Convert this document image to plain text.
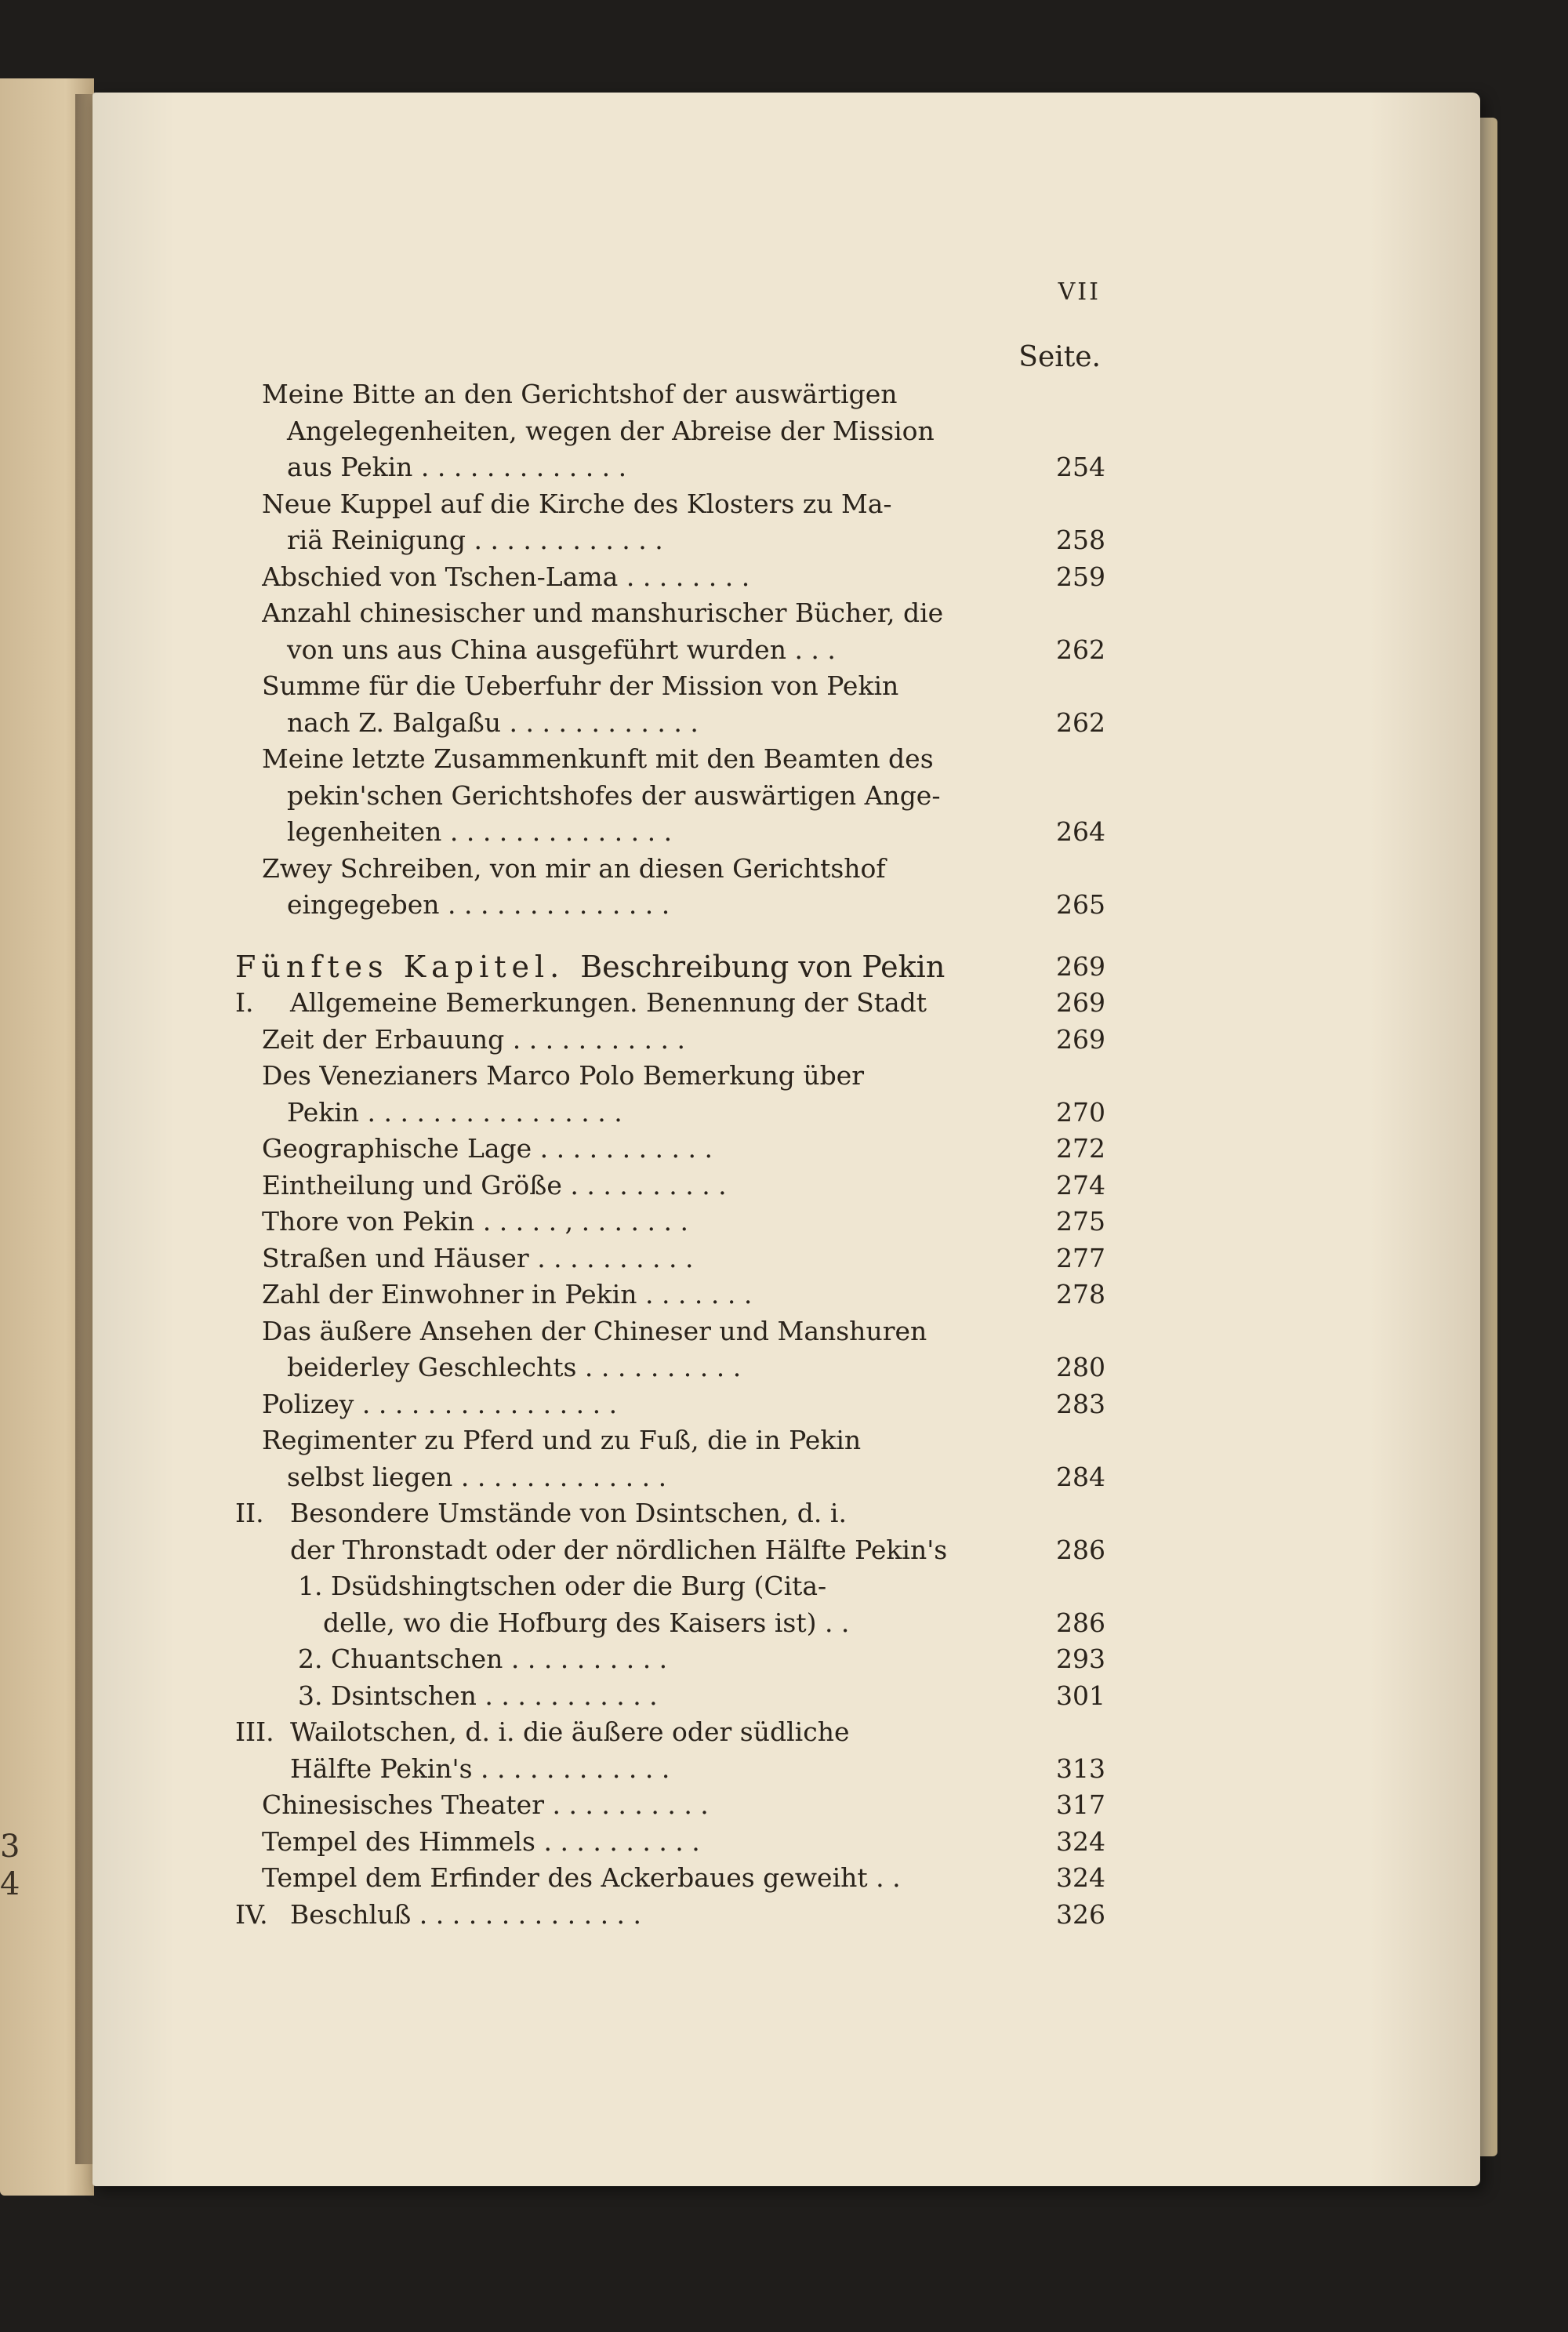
3
4
VII
Seite.
Meine Bitte an den Gerichtshof der auswärtigen
Angelegenheiten, wegen der Abreise der Mission
aus Pekin . . . . . . . . . . . . .	254
Neue Kuppel auf die Kirche des Klosters zu Ma-
riä Reinigung . . . . . . . . . . . .	258
Abschied von Tschen-Lama . . . . . . . .	259
Anzahl chinesischer und manshurischer Bücher, die
von uns aus China ausgeführt wurden . . .	262
Summe für die Ueberfuhr der Mission von Pekin
nach Z. Balgaßu . . . . . . . . . . . .	262
Meine letzte Zusammenkunft mit den Beamten des
pekin'schen Gerichtshofes der auswärtigen Ange-
legenheiten . . . . . . . . . . . . . .	264
Zwey Schreiben, von mir an diesen Gerichtshof
eingegeben . . . . . . . . . . . . . .	265
Fünftes Kapitel. Beschreibung von Pekin	269
I. Allgemeine Bemerkungen. Benennung der Stadt	269
Zeit der Erbauung . . . . . . . . . . .	269
Des Venezianers Marco Polo Bemerkung über
Pekin . . . . . . . . . . . . . . . .	270
Geographische Lage . . . . . . . . . . .	272
Eintheilung und Größe . . . . . . . . . .	274
Thore von Pekin . . . . . , . . . . . . .	275
Straßen und Häuser . . . . . . . . . .	277
Zahl der Einwohner in Pekin . . . . . . .	278
Das äußere Ansehen der Chineser und Manshuren
beiderley Geschlechts . . . . . . . . . .	280
Polizey . . . . . . . . . . . . . . . .	283
Regimenter zu Pferd und zu Fuß, die in Pekin
selbst liegen . . . . . . . . . . . . .	284
II. Besondere Umstände von Dsintschen, d. i.
der Thronstadt oder der nördlichen Hälfte Pekin's	286
1. Dsüdshingtschen oder die Burg (Cita-
delle, wo die Hofburg des Kaisers ist) . .	286
2. Chuantschen . . . . . . . . . .	293
3. Dsintschen . . . . . . . . . . .	301
III. Wailotschen, d. i. die äußere oder südliche
Hälfte Pekin's . . . . . . . . . . . .	313
Chinesisches Theater . . . . . . . . . .	317
Tempel des Himmels . . . . . . . . . .	324
Tempel dem Erfinder des Ackerbaues geweiht . .	324
IV. Beschluß . . . . . . . . . . . . . .	326
